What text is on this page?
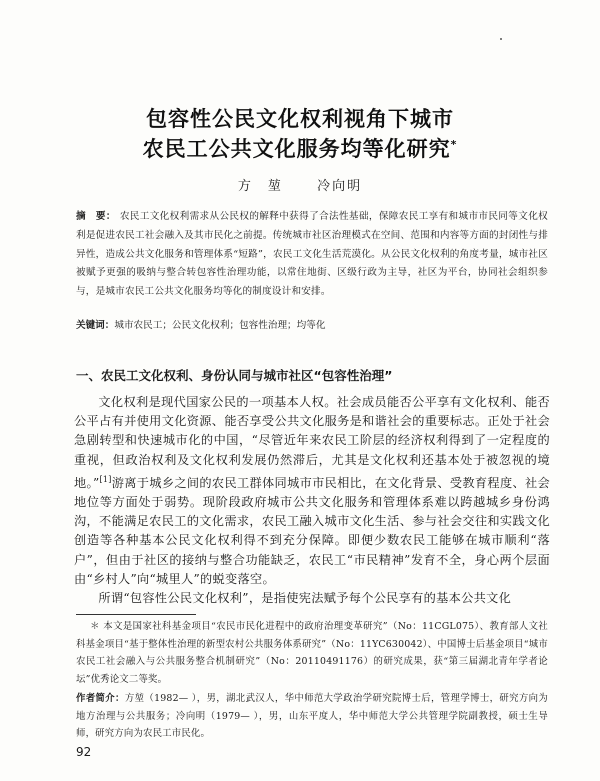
包容性公民文化权利视角下城市
农民工公共文化服务均等化研究*
方　堃	冷向明
摘　要： 农民工文化权利需求从公民权的解释中获得了合法性基础，保障农民工享有和城市市民同等文化权利是促进农民工社会融入及其市民化之前提。传统城市社区治理模式在空间、范围和内容等方面的封闭性与排异性，造成公共文化服务和管理体系“短路”，农民工文化生活荒漠化。从公民文化权利的角度考量，城市社区被赋予更强的吸纳与整合转包容性治理功能，以常住地街、区级行政为主导，社区为平台，协同社会组织参与，是城市农民工公共文化服务均等化的制度设计和安排。
关键词：城市农民工；公民文化权利；包容性治理；均等化
一、农民工文化权利、身份认同与城市社区“包容性治理”

文化权利是现代国家公民的一项基本人权。社会成员能否公平享有文化权利、能否公平占有并使用文化资源、能否享受公共文化服务是和谐社会的重要标志。正处于社会急剧转型和快速城市化的中国，“尽管近年来农民工阶层的经济权利得到了一定程度的重视，但政治权利及文化权利发展仍然滞后，尤其是文化权利还基本处于被忽视的境地。”[1]游离于城乡之间的农民工群体同城市市民相比，在文化背景、受教育程度、社会地位等方面处于弱势。现阶段政府城市公共文化服务和管理体系难以跨越城乡身份鸿沟，不能满足农民工的文化需求，农民工融入城市文化生活、参与社会交往和实践文化创造等各种基本公民文化权利得不到充分保障。即便少数农民工能够在城市顺利“落户”，但由于社区的接纳与整合功能缺乏，农民工“市民精神”发育不全，身心两个层面由“乡村人”向“城里人”的蜕变落空。

所谓“包容性公民文化权利”，是指使宪法赋予每个公民享有的基本公共文化

＊ 本文是国家社科基金项目“农民市民化进程中的政府治理变革研究”（No：11CGL075）、教育部人文社科基金项目“基于整体性治理的新型农村公共服务体系研究”（No：11YC630042）、中国博士后基金项目“城市农民工社会融入与公共服务整合机制研究”（No：20110491176）的研究成果，获“第三届湖北青年学者论坛”优秀论文二等奖。
92
作者简介：方堃（1982— ），男，湖北武汉人，华中师范大学政治学研究院博士后，管理学博士，研究方向为地方治理与公共服务；冷向明（1979— ），男，山东平度人，华中师范大学公共管理学院副教授，硕士生导师，研究方向为农民工市民化。
